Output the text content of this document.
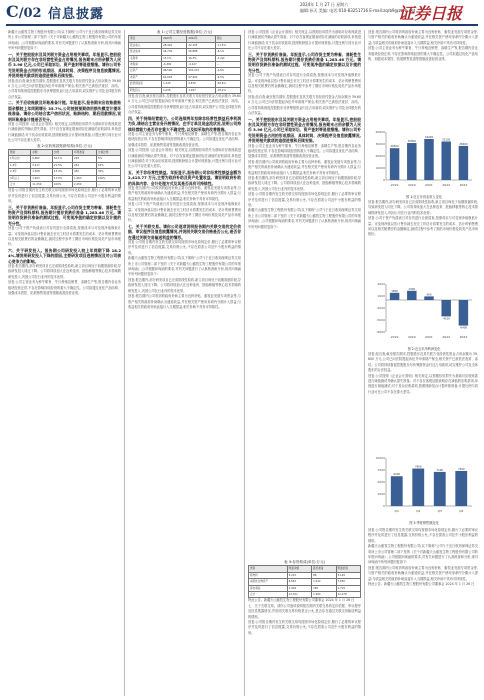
C/02 信息披露
2024年 1 月 27 日 星期六
编辑:孙天 美编: 电话:010-83251716 E-mail:zqrb9@zqrb.net
证券日报
新疆天山畜牧生物工程股份有限公司(以下简称"公司")于近日收到深圳证券交易所上市公司管理二部下发的《关于对新疆天山畜牧生物工程股份有限公司的年报问询函》,公司根据问询函的要求,对有关问题进行了认真核查和分析,现对问询函中所列问题回复如下:
一、关于控股股东及其关联方资金占用相关事项。年报显示,控股股东及其关联方存在非经营性资金占用情况,报告期末占用余额为人民币 3.96 亿元,公司已采取诉讼、资产查封等追偿措施。请你公司补充说明资金占用的形成原因、具体时间、决策程序及信息披露情况,并说明相关款项的追偿进展和后续安排。
回复:经自查,截至报告期末,控股股东及其关联方非经营性资金占用余额为 39,600 万元,公司已向法院提起诉讼并申请财产保全,相关资产已被依法查封、冻结。公司将持续督促控股股东尽快筹措资金归还占用款项,切实维护公司及全体股东的合法权益。
二、关于应收账款及坏账准备计提。年报显示,报告期末应收账款账面余额较上年同期增长 35.7%,公司按照预期信用损失模型计提坏账准备。请你公司结合客户信用状况、账龄结构、期后回款情况,说明坏账准备计提是否充分。
回复:公司按照《企业会计准则》相关规定,以预期信用损失为基础对应收账款进行减值测试并确认损失准备。对于存在客观证据表明存在减值的应收款项,单独进行减值测试;对于其余应收款项,按照账龄组合计提坏账准备,计提比例与同行业可比公司不存在重大差异。
表 2:应收账款账龄结构(单位:万元)
账龄	余额	比例	坏账准备	计提比例
1年以内	5,862	52.1%	293	5%
1-2年	2,417	21.5%	242	10%
2-3年	1,508	13.4%	452	30%
3年以上	1,463	13.0%	1,463	100%
合计	11,250	100%	2,450	—
回复:公司报告期内发生的关联交易均按照市场化原则定价,履行了必要的审议程序并及时进行了信息披露,交易价格公允,不存在损害公司及中小股东利益的情形。
三、关于存货跌价准备。年报显示,公司存货主要为种畜、消耗性生物资产及饲料原料,报告期计提存货跌价准备 1,283.46 万元。请说明存货跌价准备的测试过程、可变现净值的确定依据以及计提的充分性。
回复:公司于资产负债表日对存货进行全面清查,按照成本与可变现净值孰低计量。可变现净值以估计售价减去至完工时估计将要发生的成本、估计的销售费用以及相关税费后的金额确定,测试过程中参考了期后市场价格及同类产品市场报价。
六、关于研发投入。报告期公司研发投入较上年同期下降 18.24%,请说明研发投入下降的原因,主要研发项目进展情况及对公司核心竞争力的影响。
回复:报告期内,部分研发项目已完成阶段性验收,新立项目尚处于前期准备阶段,导致研发投入同比下降。公司将持续加大在良种选育、胚胎移植等核心技术领域的研发投入,巩固公司在行业内的技术优势。
回复:公司主营业务为种牛繁育、牛只养殖及销售、冻精生产等,报告期内各业务板块经营正常,不存在影响持续经营的重大不确定性。公司拟通过优化产品结构、加强成本管控、拓展销售渠道等措施改善经营业绩。
表 1:公司主要经营数据(单位:万元)
项目	2023年	2022年	同比
营业收入	28,416	32,105	-11.5%
营业成本	24,702	26,888	-8.1%
毛利率	13.1%	16.3%	-3.2pt
净利润	-6,382	-4,127	—
总资产	96,540	101,233	-4.6%
净资产	61,018	67,402	-9.5%
经营现金流	1,245	2,870	-56.6%
研发投入	1,036	1,267	-18.2%
回复:经自查,截至报告期末,控股股东及其关联方非经营性资金占用余额为 39,600 万元,公司已向法院提起诉讼并申请财产保全,相关资产已被依法查封、冻结。公司将持续督促控股股东尽快筹措资金归还占用款项,切实维护公司及全体股东的合法权益。
四、关于持续经营能力。公司连续两年扣除非经常性损益后净利润为负,请结合主营业务开展情况、在手订单及现金流状况,说明公司持续经营能力是否存在重大不确定性,以及拟采取的改善措施。
回复:公司主营业务为种牛繁育、牛只养殖及销售、冻精生产等,报告期内各业务板块经营正常,不存在影响持续经营的重大不确定性。公司拟通过优化产品结构、加强成本管控、拓展销售渠道等措施改善经营业绩。
回复:公司按照《企业会计准则》相关规定,以预期信用损失为基础对应收账款进行减值测试并确认损失准备。对于存在客观证据表明存在减值的应收款项,单独进行减值测试;对于其余应收款项,按照账龄组合计提坏账准备,计提比例与同行业可比公司不存在重大差异。
五、关于非经常性损益。年报显示,报告期公司非经常性损益金额为 2,415.77 万元,主要为政府补助及资产处置收益。请说明政府补助的具体内容、会计处理方式及其是否具有可持续性。
回复:报告期内公司收到的政府补助主要为良种补贴、畜牧业发展专项资金等,与资产相关的政府补助确认为递延收益,并在相关资产使用寿命内分期计入损益;与收益相关的政府补助直接计入当期损益,相关补助不具有可持续性。
回复:公司于资产负债表日对存货进行全面清查,按照成本与可变现净值孰低计量。可变现净值以估计售价减去至完工时估计将要发生的成本、估计的销售费用以及相关税费后的金额确定,测试过程中参考了期后市场价格及同类产品市场报价。
七、关于关联交易。请你公司逐项说明报告期内关联交易的定价依据、审议程序及信息披露情况,并说明关联交易价格是否公允,是否存在通过关联交易输送利益的情形。
回复:公司报告期内发生的关联交易均按照市场化原则定价,履行了必要的审议程序并及时进行了信息披露,交易价格公允,不存在损害公司及中小股东利益的情形。
新疆天山畜牧生物工程股份有限公司(以下简称"公司")于近日收到深圳证券交易所上市公司管理二部下发的《关于对新疆天山畜牧生物工程股份有限公司的年报问询函》,公司根据问询函的要求,对有关问题进行了认真核查和分析,现对问询函中所列问题回复如下:
回复:报告期内,部分研发项目已完成阶段性验收,新立项目尚处于前期准备阶段,导致研发投入同比下降。公司将持续加大在良种选育、胚胎移植等核心技术领域的研发投入,巩固公司在行业内的技术优势。
回复:报告期内公司收到的政府补助主要为良种补贴、畜牧业发展专项资金等,与资产相关的政府补助确认为递延收益,并在相关资产使用寿命内分期计入损益;与收益相关的政府补助直接计入当期损益,相关补助不具有可持续性。
回复:公司按照《企业会计准则》相关规定,以预期信用损失为基础对应收账款进行减值测试并确认损失准备。对于存在客观证据表明存在减值的应收款项,单独进行减值测试;对于其余应收款项,按照账龄组合计提坏账准备,计提比例与同行业可比公司不存在重大差异。
三、关于存货跌价准备。年报显示,公司存货主要为种畜、消耗性生物资产及饲料原料,报告期计提存货跌价准备 1,283.46 万元。请说明存货跌价准备的测试过程、可变现净值的确定依据以及计提的充分性。
回复:公司于资产负债表日对存货进行全面清查,按照成本与可变现净值孰低计量。可变现净值以估计售价减去至完工时估计将要发生的成本、估计的销售费用以及相关税费后的金额确定,测试过程中参考了期后市场价格及同类产品市场报价。
回复:经自查,截至报告期末,控股股东及其关联方非经营性资金占用余额为 39,600 万元,公司已向法院提起诉讼并申请财产保全,相关资产已被依法查封、冻结。公司将持续督促控股股东尽快筹措资金归还占用款项,切实维护公司及全体股东的合法权益。
一、关于控股股东及其关联方资金占用相关事项。年报显示,控股股东及其关联方存在非经营性资金占用情况,报告期末占用余额为人民币 3.96 亿元,公司已采取诉讼、资产查封等追偿措施。请你公司补充说明资金占用的形成原因、具体时间、决策程序及信息披露情况,并说明相关款项的追偿进展和后续安排。
回复:公司主营业务为种牛繁育、牛只养殖及销售、冻精生产等,报告期内各业务板块经营正常,不存在影响持续经营的重大不确定性。公司拟通过优化产品结构、加强成本管控、拓展销售渠道等措施改善经营业绩。
回复:报告期内公司收到的政府补助主要为良种补贴、畜牧业发展专项资金等,与资产相关的政府补助确认为递延收益,并在相关资产使用寿命内分期计入损益;与收益相关的政府补助直接计入当期损益,相关补助不具有可持续性。
回复:报告期内,部分研发项目已完成阶段性验收,新立项目尚处于前期准备阶段,导致研发投入同比下降。公司将持续加大在良种选育、胚胎移植等核心技术领域的研发投入,巩固公司在行业内的技术优势。
回复:公司报告期内发生的关联交易均按照市场化原则定价,履行了必要的审议程序并及时进行了信息披露,交易价格公允,不存在损害公司及中小股东利益的情形。
新疆天山畜牧生物工程股份有限公司(以下简称"公司")于近日收到深圳证券交易所上市公司管理二部下发的《关于对新疆天山畜牧生物工程股份有限公司的年报问询函》,公司根据问询函的要求,对有关问题进行了认真核查和分析,现对问询函中所列问题回复如下:
表 3:存货构成(单位:万元)
类别	账面余额	跌价准备	账面价值
原材料	3,215	86	3,129
消耗性生物资产	8,642	1,012	7,630
库存商品	1,904	185	1,719
合计	13,761	1,283	12,478
特此公告。新疆天山畜牧生物工程股份有限公司董事会 2024 年 1 月 26 日
七、关于关联交易。请你公司逐项说明报告期内关联交易的定价依据、审议程序及信息披露情况,并说明关联交易价格是否公允,是否存在通过关联交易输送利益的情形。
回复:公司报告期内发生的关联交易均按照市场化原则定价,履行了必要的审议程序并及时进行了信息披露,交易价格公允,不存在损害公司及中小股东利益的情形。
回复:报告期内公司收到的政府补助主要为良种补贴、畜牧业发展专项资金等,与资产相关的政府补助确认为递延收益,并在相关资产使用寿命内分期计入损益;与收益相关的政府补助直接计入当期损益,相关补助不具有可持续性。
回复:公司主营业务为种牛繁育、牛只养殖及销售、冻精生产等,报告期内各业务板块经营正常,不存在影响持续经营的重大不确定性。公司拟通过优化产品结构、加强成本管控、拓展销售渠道等措施改善经营业绩。
0
10000
20000
30000
40000
2019
26500
2020
30800
2021
34200
2022
32100
2023
28400
图 1:近五年营业收入变化
回复:报告期内,部分研发项目已完成阶段性验收,新立项目尚处于前期准备阶段,导致研发投入同比下降。公司将持续加大在良种选育、胚胎移植等核心技术领域的研发投入,巩固公司在行业内的技术优势。
回复:公司于资产负债表日对存货进行全面清查,按照成本与可变现净值孰低计量。可变现净值以估计售价减去至完工时估计将要发生的成本、估计的销售费用以及相关税费后的金额确定,测试过程中参考了期后市场价格及同类产品市场报价。
-8000
-5000
-2000
1000
4000
2019
1800
2020
2300
2021
900
2022
-4100
2023
-6400
图 2:近五年净利润变化
回复:经自查,截至报告期末,控股股东及其关联方非经营性资金占用余额为 39,600 万元,公司已向法院提起诉讼并申请财产保全,相关资产已被依法查封、冻结。公司将持续督促控股股东尽快筹措资金归还占用款项,切实维护公司及全体股东的合法权益。
回复:公司按照《企业会计准则》相关规定,以预期信用损失为基础对应收账款进行减值测试并确认损失准备。对于存在客观证据表明存在减值的应收款项,单独进行减值测试;对于其余应收款项,按照账龄组合计提坏账准备,计提比例与同行业可比公司不存在重大差异。
0
2500
5000
7500
10000
Q1
6200
Q2
7800
Q3
7100
Q4
7300
图 3:季度销售额变化
回复:公司报告期内发生的关联交易均按照市场化原则定价,履行了必要的审议程序并及时进行了信息披露,交易价格公允,不存在损害公司及中小股东利益的情形。
新疆天山畜牧生物工程股份有限公司(以下简称"公司")于近日收到深圳证券交易所上市公司管理二部下发的《关于对新疆天山畜牧生物工程股份有限公司的年报问询函》,公司根据问询函的要求,对有关问题进行了认真核查和分析,现对问询函中所列问题回复如下:
回复:报告期内公司收到的政府补助主要为良种补贴、畜牧业发展专项资金等,与资产相关的政府补助确认为递延收益,并在相关资产使用寿命内分期计入损益;与收益相关的政府补助直接计入当期损益,相关补助不具有可持续性。
特此公告。新疆天山畜牧生物工程股份有限公司董事会 2024 年 1 月 26 日
